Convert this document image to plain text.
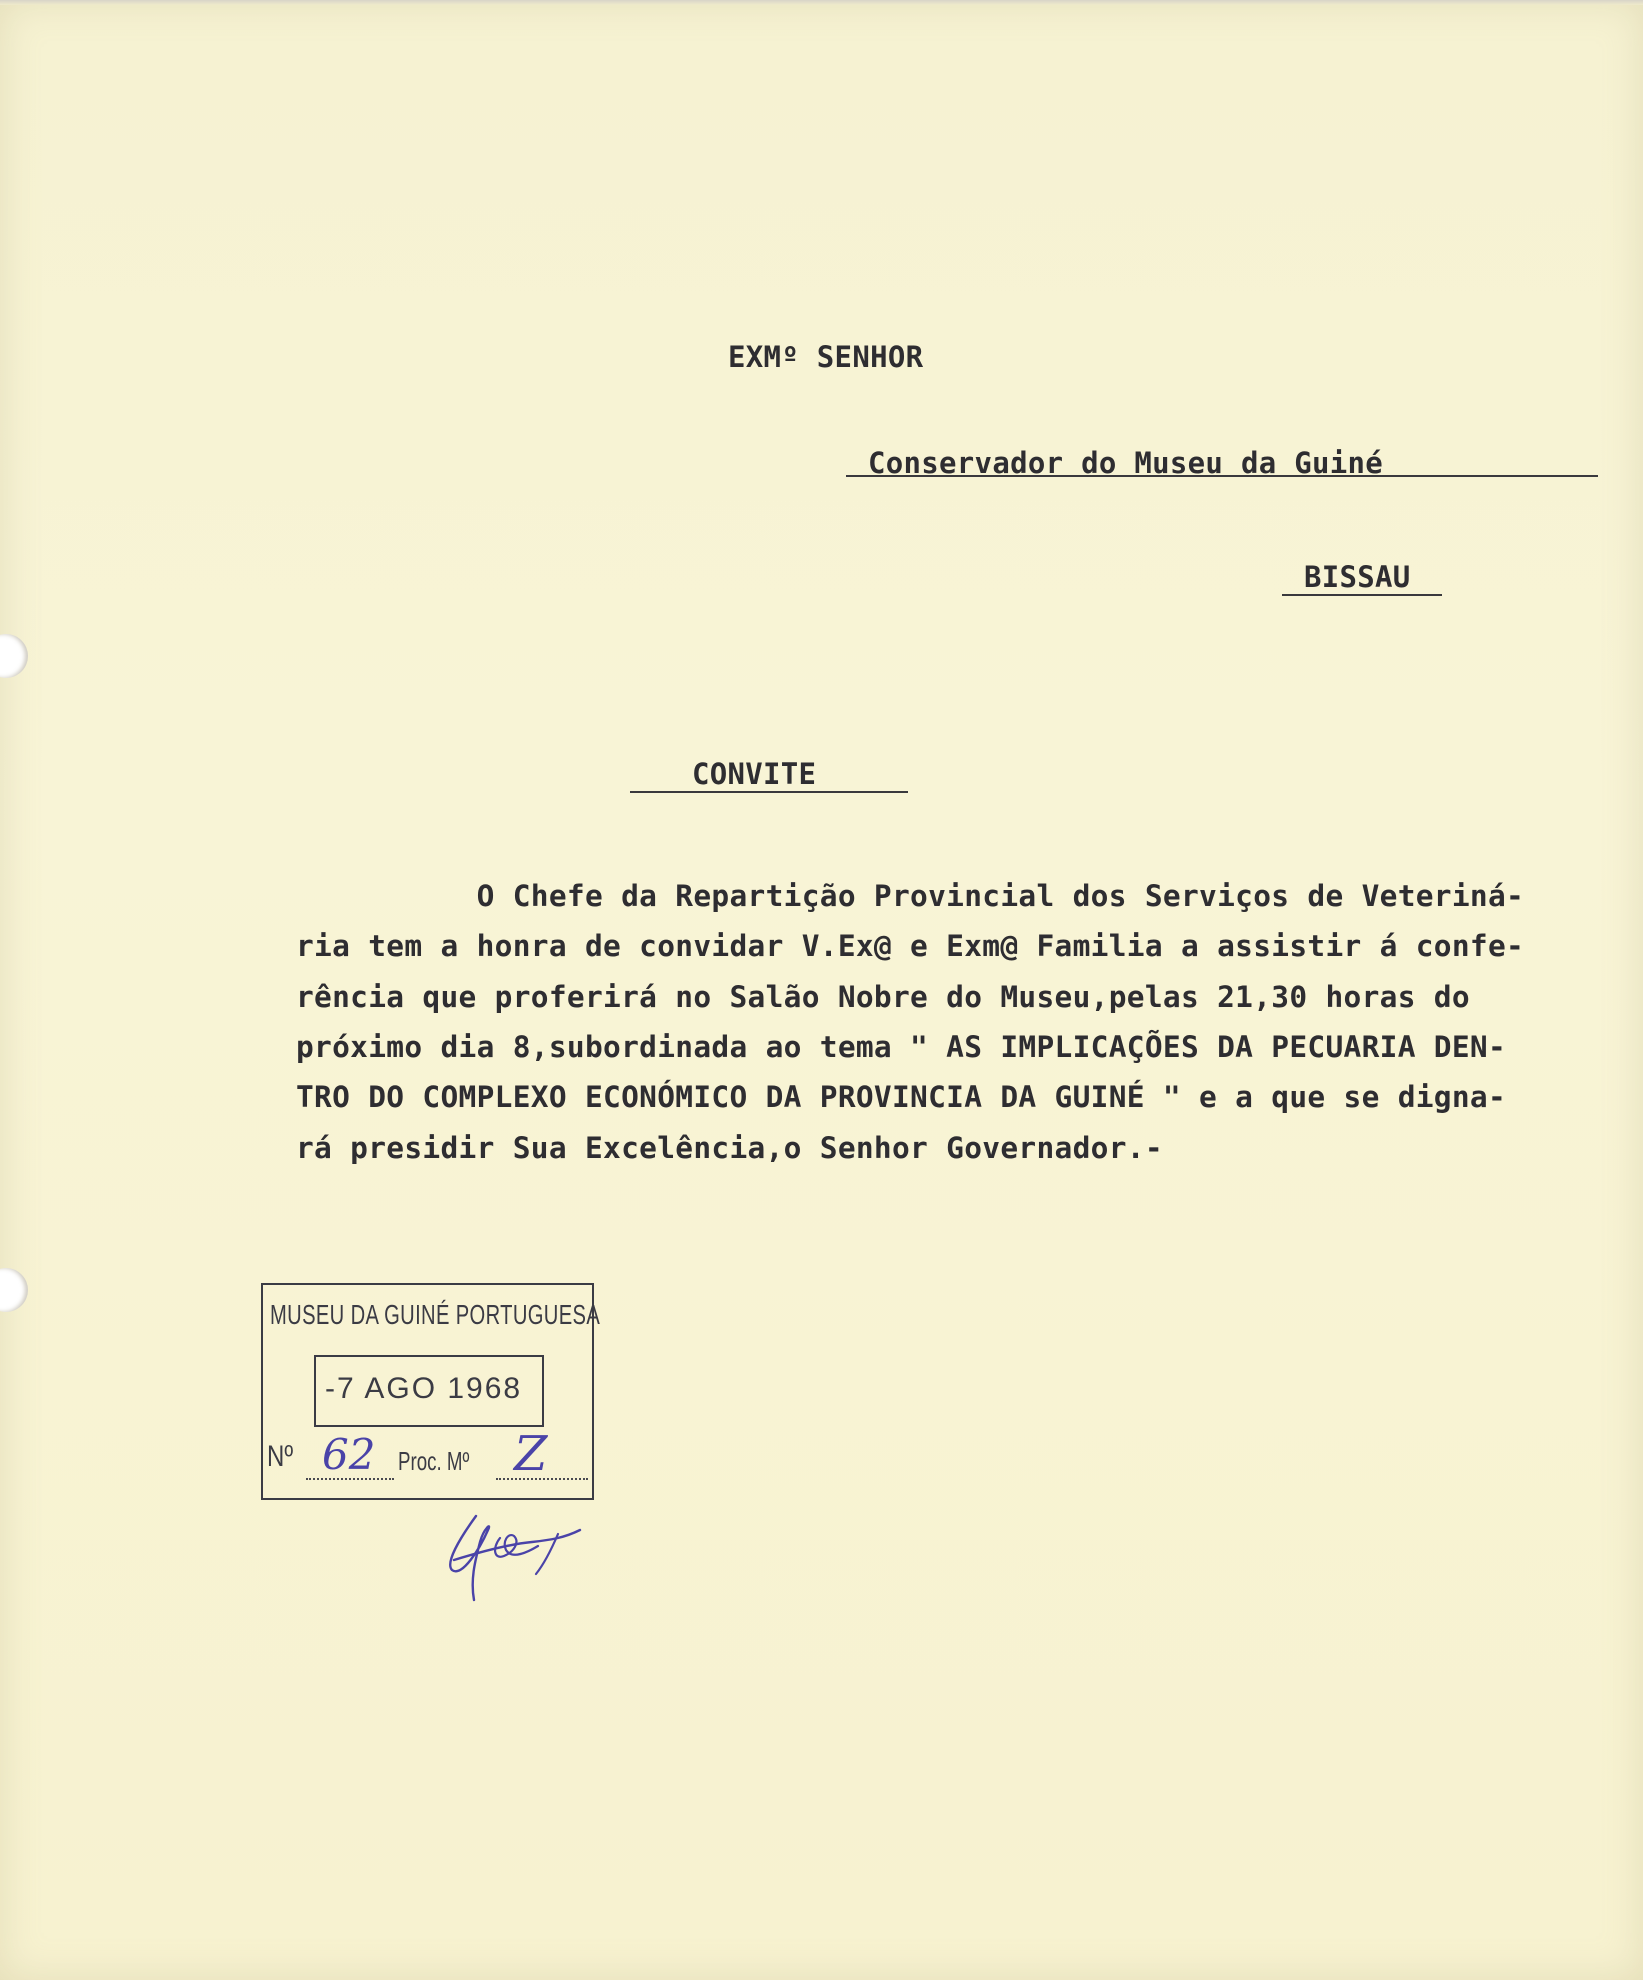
EXMº SENHOR

Conservador do Museu da Guiné

BISSAU

CONVITE

O Chefe da Repartição Provincial dos Serviços de Veteriná-

ria tem a honra de convidar V.Ex@ e Exm@ Familia a assistir á confe-

rência que proferirá no Salão Nobre do Museu,pelas 21,30 horas do

próximo dia 8,subordinada ao tema " AS IMPLICAÇÕES DA PECUARIA DEN-

TRO DO COMPLEXO ECONÓMICO DA PROVINCIA DA GUINÉ " e a que se digna-

rá presidir Sua Excelência,o Senhor Governador.-

MUSEU DA GUINÉ PORTUGUESA
-7 AGO 1968
Nº 62 Proc. Mº Z
